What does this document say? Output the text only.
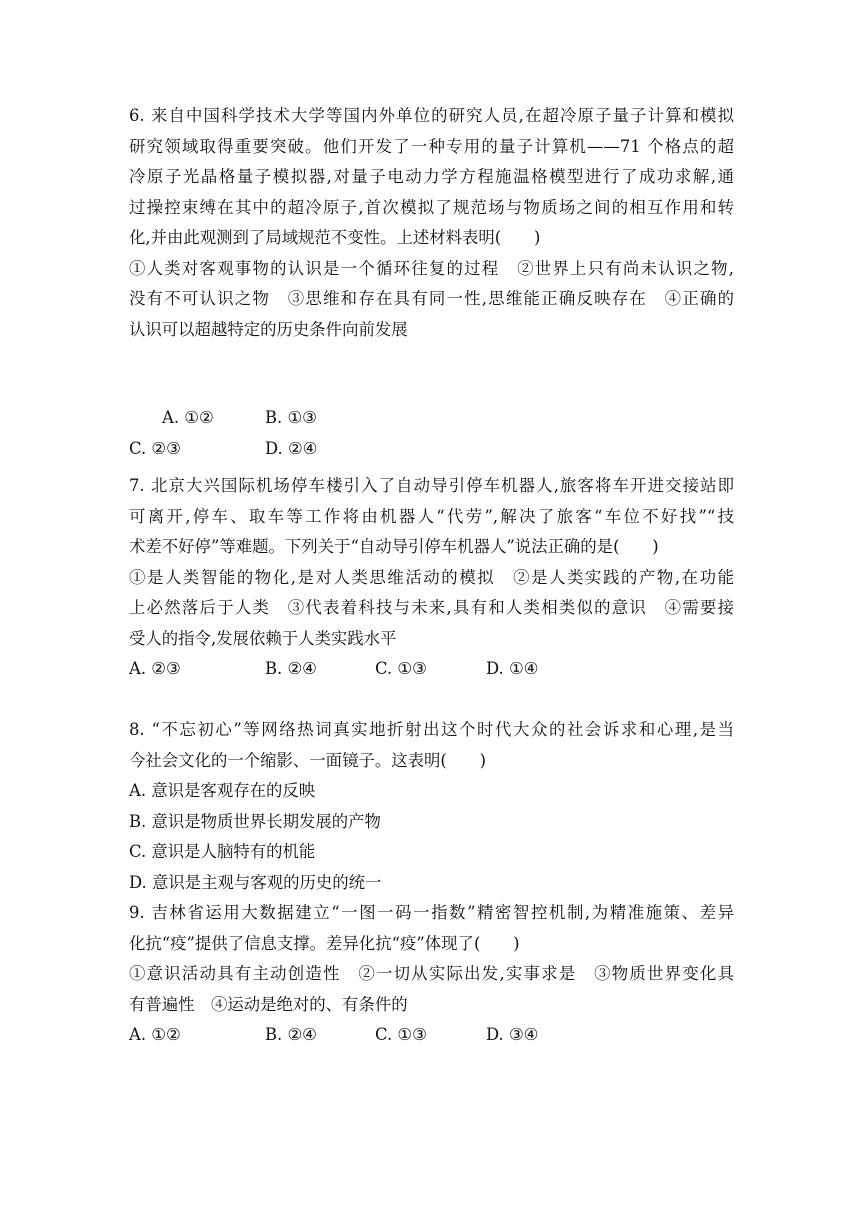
6. 来自中国科学技术大学等国内外单位的研究人员,在超冷原子量子计算和模拟
研究领域取得重要突破。他们开发了一种专用的量子计算机——71 个格点的超
冷原子光晶格量子模拟器,对量子电动力学方程施温格模型进行了成功求解,通
过操控束缚在其中的超冷原子,首次模拟了规范场与物质场之间的相互作用和转
化,并由此观测到了局域规范不变性。上述材料表明(　　)
①人类对客观事物的认识是一个循环往复的过程　②世界上只有尚未认识之物,
没有不可认识之物　③思维和存在具有同一性,思维能正确反映存在　④正确的
认识可以超越特定的历史条件向前发展
A. ①②	B. ①③
C. ②③	D. ②④
7. 北京大兴国际机场停车楼引入了自动导引停车机器人,旅客将车开进交接站即
可离开,停车、取车等工作将由机器人“代劳”,解决了旅客“车位不好找”“技
术差不好停”等难题。下列关于“自动导引停车机器人”说法正确的是(　　)
①是人类智能的物化,是对人类思维活动的模拟　②是人类实践的产物,在功能
上必然落后于人类　③代表着科技与未来,具有和人类相类似的意识　④需要接
受人的指令,发展依赖于人类实践水平
A. ②③	B. ②④	C. ①③	D. ①④
8. “不忘初心”等网络热词真实地折射出这个时代大众的社会诉求和心理,是当
今社会文化的一个缩影、一面镜子。这表明(　　)
A. 意识是客观存在的反映
B. 意识是物质世界长期发展的产物
C. 意识是人脑特有的机能
D. 意识是主观与客观的历史的统一
9. 吉林省运用大数据建立“一图一码一指数”精密智控机制,为精准施策、差异
化抗“疫”提供了信息支撑。差异化抗“疫”体现了(　　)
①意识活动具有主动创造性　②一切从实际出发,实事求是　③物质世界变化具
有普遍性　④运动是绝对的、有条件的
A. ①②	B. ②④	C. ①③	D. ③④
